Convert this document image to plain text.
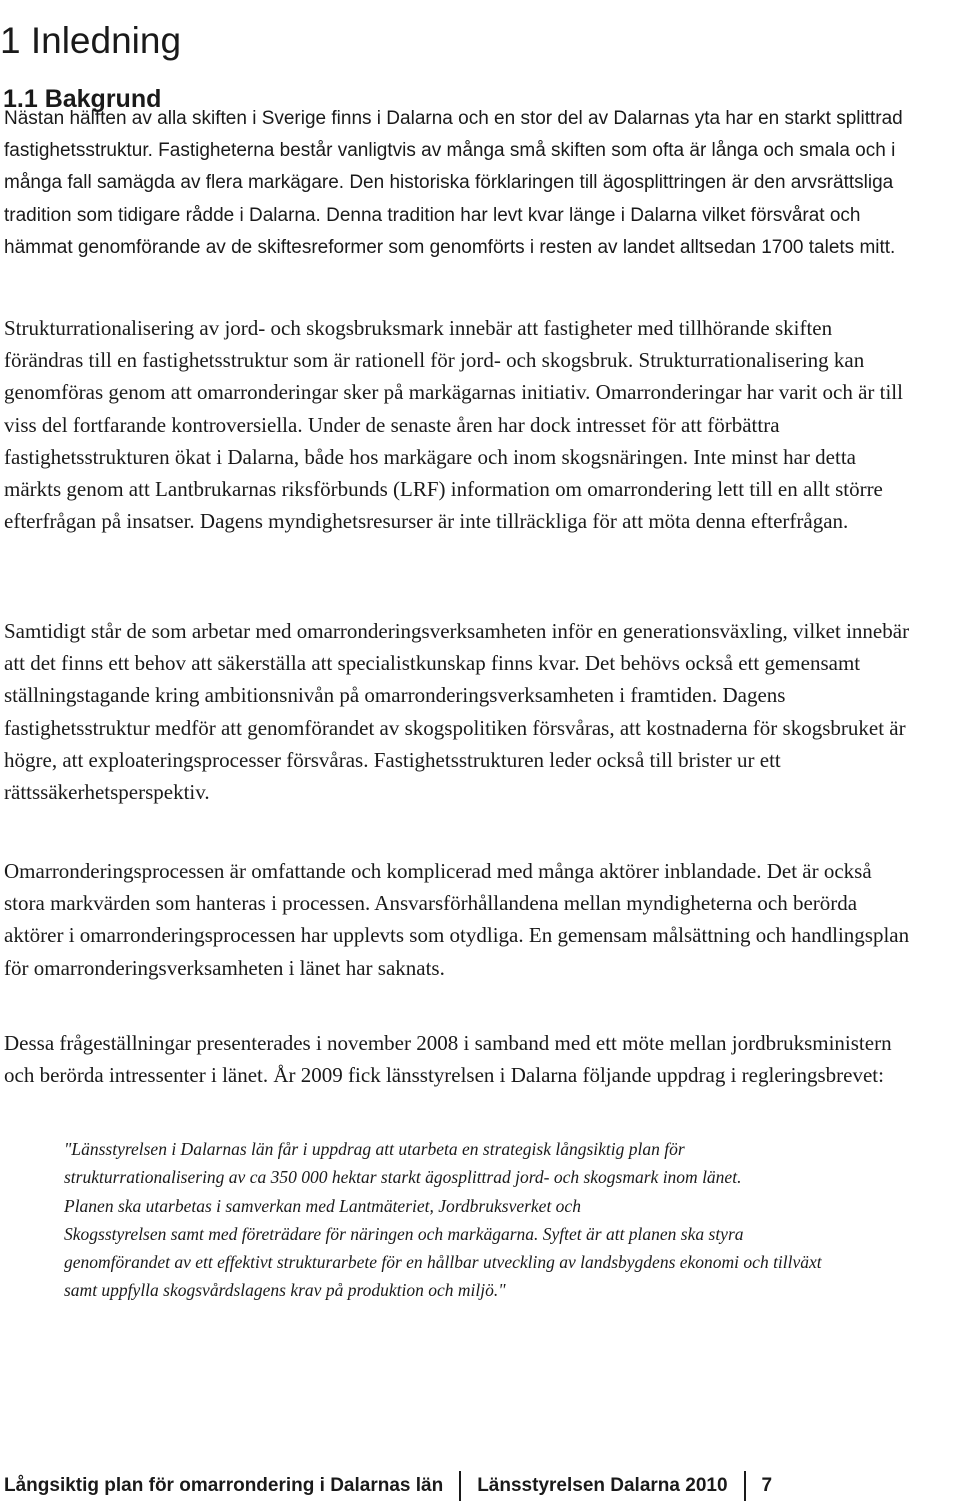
1 Inledning
1.1 Bakgrund

Nästan hälften av alla skiften i Sverige finns i Dalarna och en stor del av Dalarnas yta har en starkt splittrad fastighetsstruktur. Fastigheterna består vanligtvis av många små skiften som ofta är långa och smala och i många fall samägda av flera markägare. Den historiska förklaringen till ägosplittringen är den arvsrättsliga tradition som tidigare rådde i Dalarna. Denna tradition har levt kvar länge i Dalarna vilket försvårat och hämmat genomförande av de skiftesreformer som genomförts i resten av landet alltsedan 1700 talets mitt.

Strukturrationalisering av jord- och skogsbruksmark innebär att fastigheter med tillhörande skiften förändras till en fastighetsstruktur som är rationell för jord- och skogsbruk. Strukturrationalisering kan genomföras genom att omarronderingar sker på markägarnas initiativ. Omarronderingar har varit och är till viss del fortfarande kontroversiella. Under de senaste åren har dock intresset för att förbättra fastighetsstrukturen ökat i Dalarna, både hos markägare och inom skogsnäringen. Inte minst har detta märkts genom att Lantbrukarnas riksförbunds (LRF) information om omarrondering lett till en allt större efterfrågan på insatser. Dagens myndighetsresurser är inte tillräckliga för att möta denna efterfrågan.

Samtidigt står de som arbetar med omarronderingsverksamheten inför en generationsväxling, vilket innebär att det finns ett behov att säkerställa att specialistkunskap finns kvar. Det behövs också ett gemensamt ställningstagande kring ambitionsnivån på omarronderingsverksamheten i framtiden. Dagens fastighetsstruktur medför att genomförandet av skogspolitiken försvåras, att kostnaderna för skogsbruket är högre, att exploateringsprocesser försvåras. Fastighetsstrukturen leder också till brister ur ett rättssäkerhetsperspektiv.

Omarronderingsprocessen är omfattande och komplicerad med många aktörer inblandade. Det är också stora markvärden som hanteras i processen. Ansvarsförhållandena mellan myndigheterna och berörda aktörer i omarronderingsprocessen har upplevts som otydliga. En gemensam målsättning och handlingsplan för omarronderingsverksamheten i länet har saknats.

Dessa frågeställningar presenterades i november 2008 i samband med ett möte mellan jordbruksministern och berörda intressenter i länet. År 2009 fick länsstyrelsen i Dalarna följande uppdrag i regleringsbrevet:

"Länsstyrelsen i Dalarnas län får i uppdrag att utarbeta en strategisk långsiktig plan för
strukturrationalisering av ca 350 000 hektar starkt ägosplittrad jord- och skogsmark inom länet.
Planen ska utarbetas i samverkan med Lantmäteriet, Jordbruksverket och
Skogsstyrelsen samt med företrädare för näringen och markägarna. Syftet är att planen ska styra
genomförandet av ett effektivt strukturarbete för en hållbar utveckling av landsbygdens ekonomi och tillväxt
samt uppfylla skogsvårdslagens krav på produktion och miljö."
Långsiktig plan för omarrondering i Dalarnas län Länsstyrelsen Dalarna 2010 7
